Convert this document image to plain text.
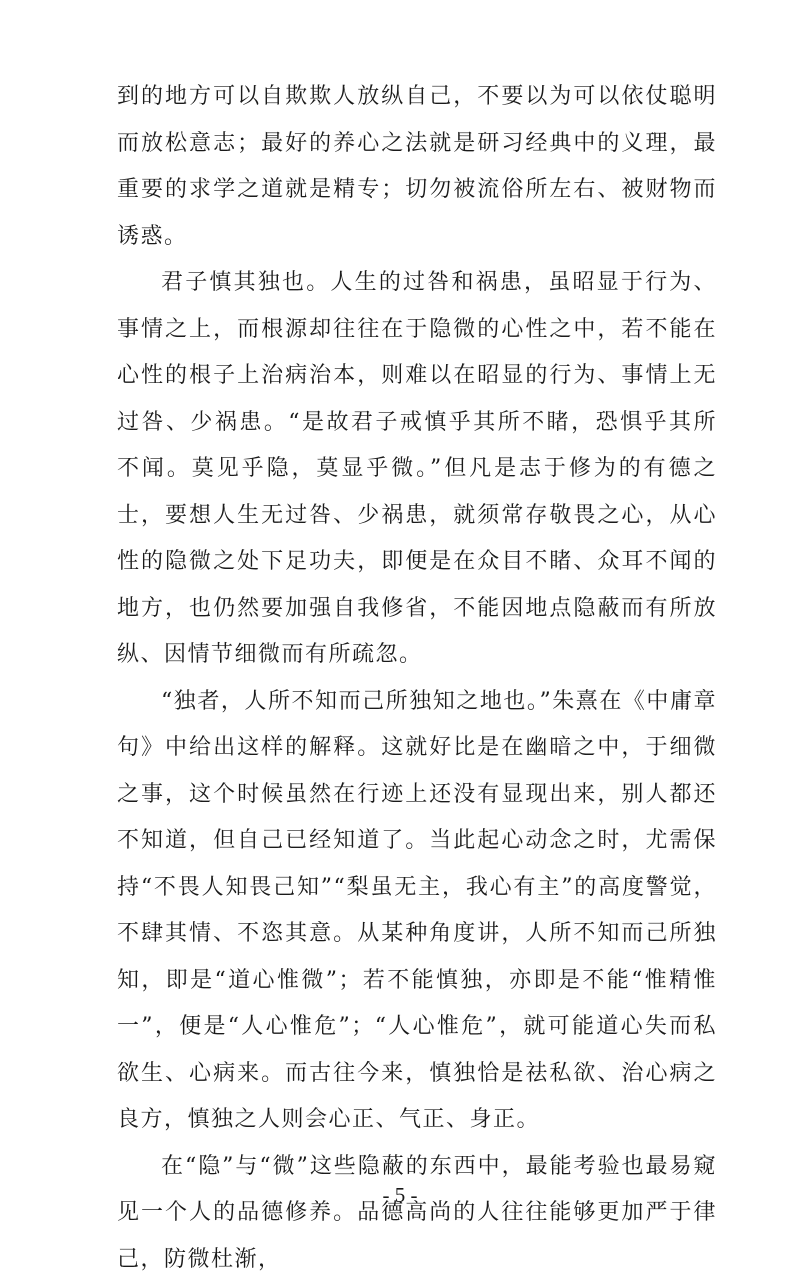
到的地方可以自欺欺人放纵自己，不要以为可以依仗聪明而放松意志；最好的养心之法就是研习经典中的义理，最重要的求学之道就是精专；切勿被流俗所左右、被财物而诱惑。

君子慎其独也。人生的过咎和祸患，虽昭显于行为、事情之上，而根源却往往在于隐微的心性之中，若不能在心性的根子上治病治本，则难以在昭显的行为、事情上无过咎、少祸患。“是故君子戒慎乎其所不睹，恐惧乎其所不闻。莫见乎隐，莫显乎微。”但凡是志于修为的有德之士，要想人生无过咎、少祸患，就须常存敬畏之心，从心性的隐微之处下足功夫，即便是在众目不睹、众耳不闻的地方，也仍然要加强自我修省，不能因地点隐蔽而有所放纵、因情节细微而有所疏忽。

“独者，人所不知而己所独知之地也。”朱熹在《中庸章句》中给出这样的解释。这就好比是在幽暗之中，于细微之事，这个时候虽然在行迹上还没有显现出来，别人都还不知道，但自己已经知道了。当此起心动念之时，尤需保持“不畏人知畏己知”“梨虽无主，我心有主”的高度警觉，不肆其情、不恣其意。从某种角度讲，人所不知而己所独知，即是“道心惟微”；若不能慎独，亦即是不能“惟精惟一”，便是“人心惟危”；“人心惟危”，就可能道心失而私欲生、心病来。而古往今来，慎独恰是祛私欲、治心病之良方，慎独之人则会心正、气正、身正。

在“隐”与“微”这些隐蔽的东西中，最能考验也最易窥见一个人的品德修养。品德高尚的人往往能够更加严于律己，防微杜渐，

- 5 -
